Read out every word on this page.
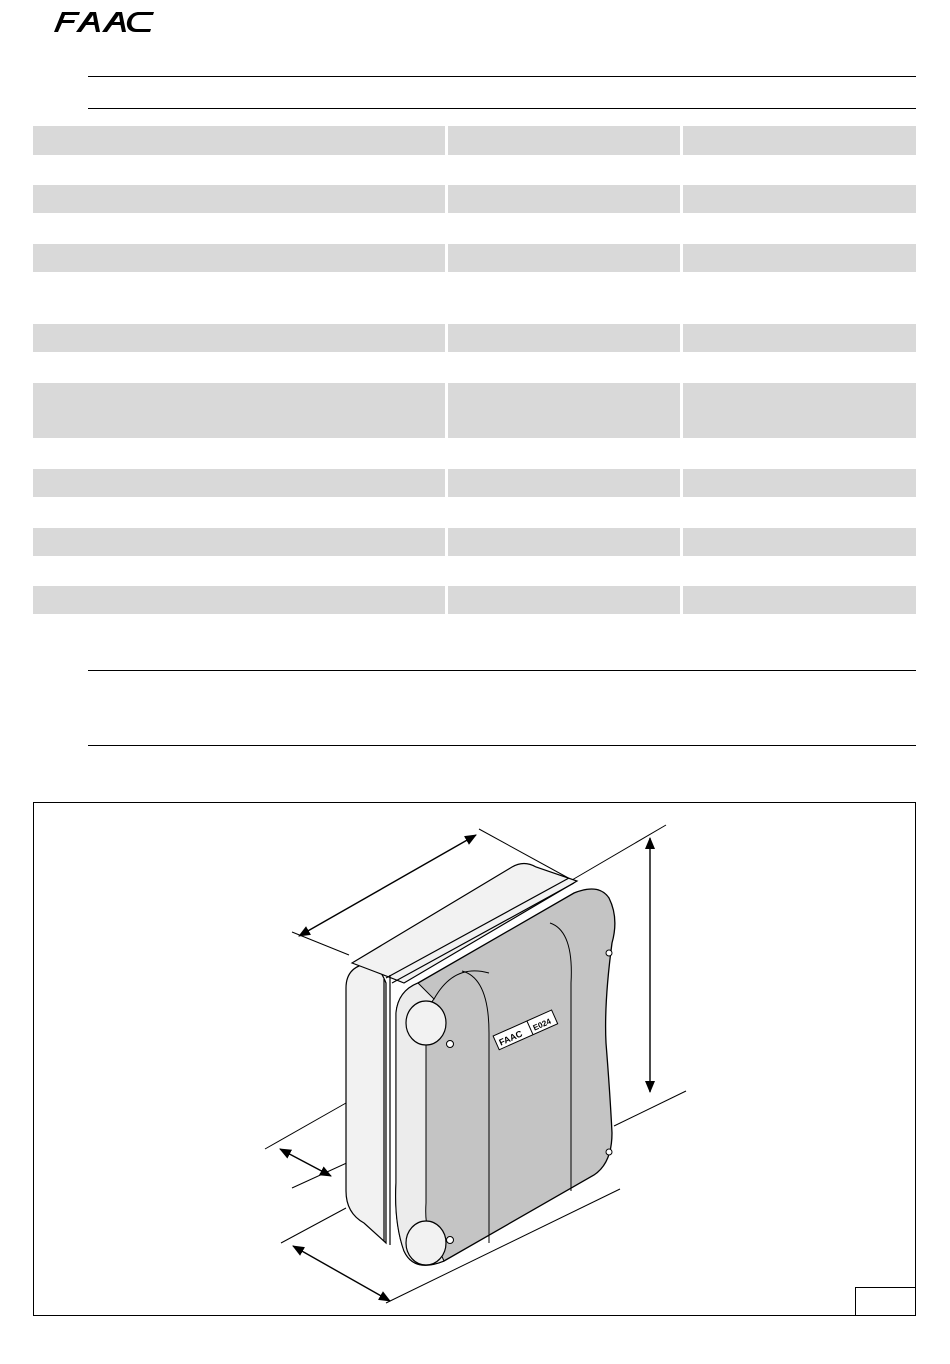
FAAC
E024
